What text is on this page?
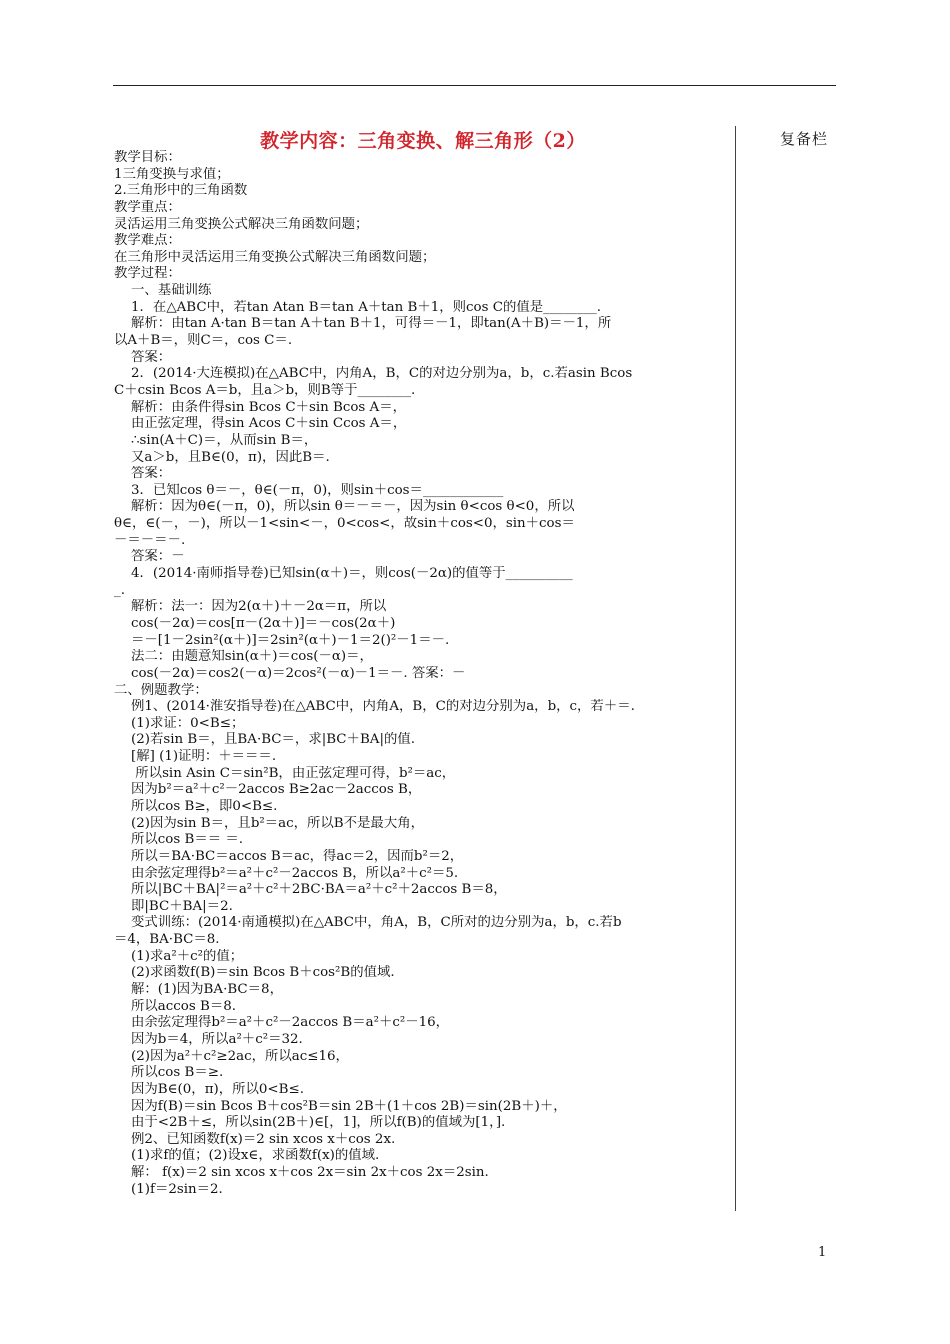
复备栏
教学内容：三角变换、解三角形（2）
教学目标：
1三角变换与求值；
2.三角形中的三角函数
教学重点：
灵活运用三角变换公式解决三角函数问题；
教学难点：
在三角形中灵活运用三角变换公式解决三角函数问题；
教学过程：
一、基础训练
1．在△ABC中，若tan Atan B＝tan A＋tan B＋1，则cos C的值是________.
解析：由tan A·tan B＝tan A＋tan B＋1，可得＝－1，即tan(A＋B)＝－1，所
以A＋B＝，则C＝，cos C＝.
答案：
2．(2014·大连模拟)在△ABC中，内角A，B，C的对边分别为a，b，c.若asin Bcos
C＋csin Bcos A＝b，且a＞b，则B等于________.
解析：由条件得sin Bcos C＋sin Bcos A＝，
由正弦定理，得sin Acos C＋sin Ccos A＝，
∴sin(A＋C)＝，从而sin B＝，
又a＞b，且B∈(0，π)，因此B＝.
答案：
3．已知cos θ＝－，θ∈(－π，0)，则sin＋cos＝____________
解析：因为θ∈(－π，0)，所以sin θ＝－＝－，因为sin θ<cos θ<0，所以
θ∈，∈(－，－)，所以－1<sin<－，0<cos<，故sin＋cos<0，sin＋cos＝
－＝－＝－.
答案：－
4．(2014·南师指导卷)已知sin(α＋)＝，则cos(－2α)的值等于__________
_.
解析：法一：因为2(α＋)＋－2α＝π，所以
cos(－2α)＝cos[π－(2α＋)]＝－cos(2α＋)
＝－[1－2sin²(α＋)]＝2sin²(α＋)－1＝2()²－1＝－.
法二：由题意知sin(α＋)＝cos(－α)＝，
cos(－2α)＝cos2(－α)＝2cos²(－α)－1＝－. 答案：－
二、例题教学：
例1、(2014·淮安指导卷)在△ABC中，内角A，B，C的对边分别为a，b，c，若＋＝.
(1)求证：0<B≤；
(2)若sin B＝，且BA·BC＝，求|BC＋BA|的值.
[解] (1)证明：＋＝＝＝.
所以sin Asin C＝sin²B，由正弦定理可得，b²＝ac，
因为b²＝a²＋c²－2accos B≥2ac－2accos B，
所以cos B≥，即0<B≤.
(2)因为sin B＝，且b²＝ac，所以B不是最大角，
所以cos B＝＝ ＝.
所以＝BA·BC＝accos B＝ac，得ac＝2，因而b²＝2，
由余弦定理得b²＝a²＋c²－2accos B，所以a²＋c²＝5.
所以|BC＋BA|²＝a²＋c²＋2BC·BA＝a²＋c²＋2accos B＝8，
即|BC＋BA|＝2.
变式训练：(2014·南通模拟)在△ABC中，角A，B，C所对的边分别为a，b，c.若b
＝4，BA·BC＝8.
(1)求a²＋c²的值；
(2)求函数f(B)＝sin Bcos B＋cos²B的值域.
解：(1)因为BA·BC＝8，
所以accos B＝8.
由余弦定理得b²＝a²＋c²－2accos B＝a²＋c²－16，
因为b＝4，所以a²＋c²＝32.
(2)因为a²＋c²≥2ac，所以ac≤16，
所以cos B＝≥.
因为B∈(0，π)，所以0<B≤.
因为f(B)＝sin Bcos B＋cos²B＝sin 2B＋(1＋cos 2B)＝sin(2B＋)＋，
由于<2B＋≤，所以sin(2B＋)∈[，1]，所以f(B)的值域为[1，].
例2、已知函数f(x)＝2 sin xcos x＋cos 2x.
(1)求f的值；(2)设x∈，求函数f(x)的值域.
解： f(x)＝2 sin xcos x＋cos 2x＝sin 2x＋cos 2x＝2sin.
(1)f＝2sin＝2.
1
